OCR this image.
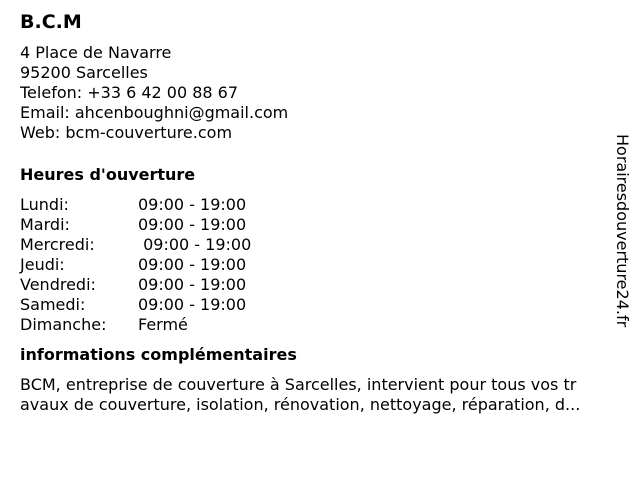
B.C.M
4 Place de Navarre
95200 Sarcelles
Telefon: +33 6 42 00 88 67
Email: ahcenboughni@gmail.com
Web: bcm-couverture.com
Heures d'ouverture
Lundi:	09:00 - 19:00
Mardi:	09:00 - 19:00
Mercredi:	09:00 - 19:00
Jeudi:	09:00 - 19:00
Vendredi:	09:00 - 19:00
Samedi:	09:00 - 19:00
Dimanche:	Fermé
informations complémentaires
BCM, entreprise de couverture à Sarcelles, intervient pour tous vos tr
avaux de couverture, isolation, rénovation, nettoyage, réparation, d...
Horairesdouverture24.fr
